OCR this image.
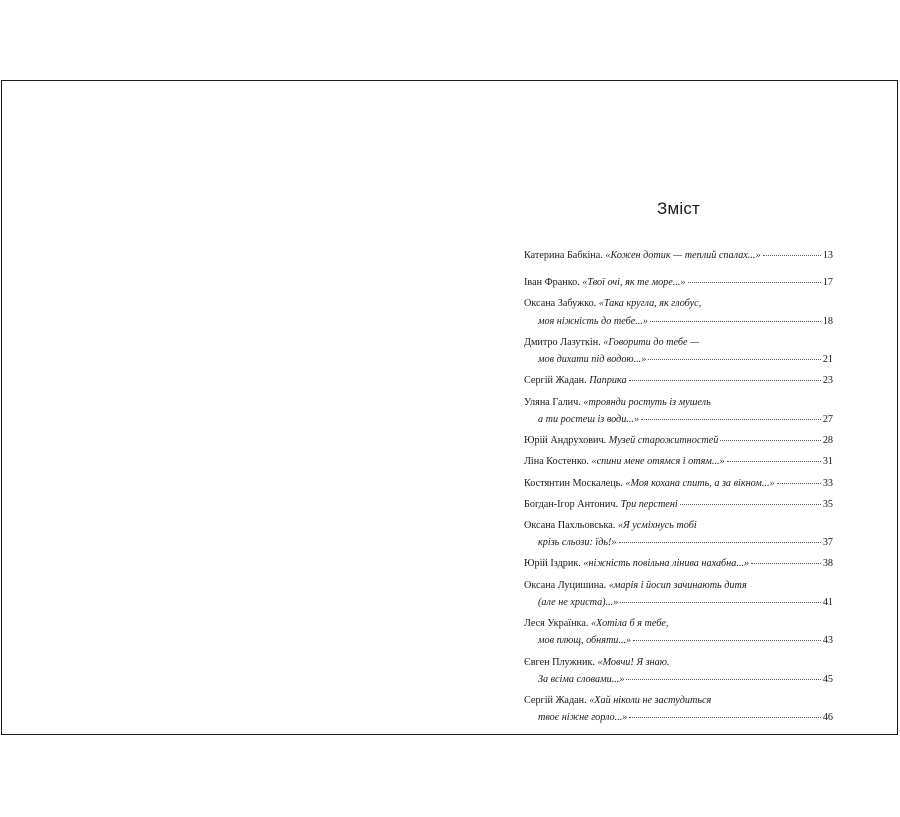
Зміст
Катерина Бабкіна. «Кожен дотик — теплий спалах...»	13
Іван Франко. «Твої очі, як те море...»	17
Оксана Забужко. «Така кругла, як глобус,
моя ніжність до тебе...»	18
Дмитро Лазуткін. «Говорити до тебе —
мов дихати під водою...»	21
Сергій Жадан. Паприка	23
Уляна Галич. «троянди ростуть із мушель
а ти ростеш із води...»	27
Юрій Андрухович. Музей старожитностей	28
Ліна Костенко. «спини мене отямся і отям...»	31
Костянтин Москалець. «Моя кохана спить, а за вікном...»	33
Богдан-Ігор Антонич. Три перстені	35
Оксана Пахльовська. «Я усміхнусь тобі
крізь сльози: їдь!»	37
Юрій Іздрик. «ніжність повільна лінива нахабна...»	38
Оксана Луцишина. «марія і йосип зачинають дитя
(але не христа)...»	41
Леся Українка. «Хотіла б я тебе,
мов плющ, обняти...»	43
Євген Плужник. «Мовчи! Я знаю.
За всіма словами...»	45
Сергій Жадан. «Хай ніколи не застудиться
твоє ніжне горло...»	46
